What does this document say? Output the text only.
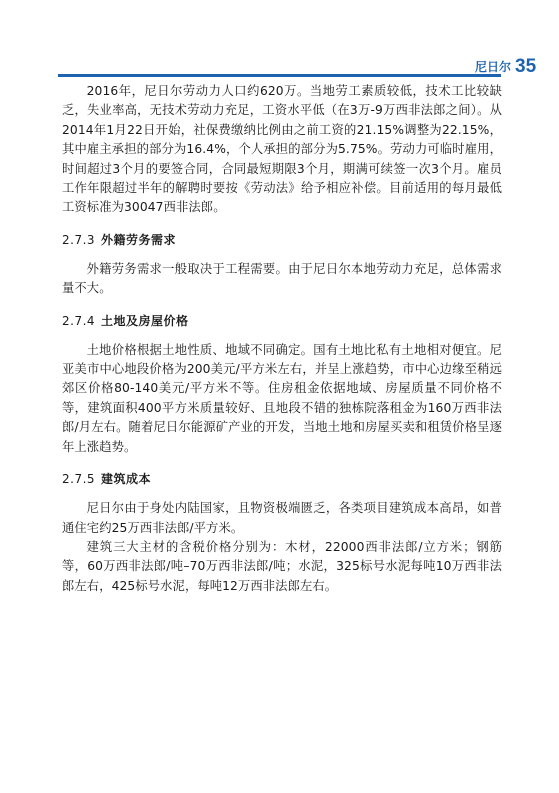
尼日尔 35

2016年，尼日尔劳动力人口约620万。当地劳工素质较低，技术工比较缺乏，失业率高，无技术劳动力充足，工资水平低（在3万-9万西非法郎之间）。从2014年1月22日开始，社保费缴纳比例由之前工资的21.15%调整为22.15%，其中雇主承担的部分为16.4%，个人承担的部分为5.75%。劳动力可临时雇用，时间超过3个月的要签合同，合同最短期限3个月，期满可续签一次3个月。雇员工作年限超过半年的解聘时要按《劳动法》给予相应补偿。目前适用的每月最低工资标准为30047西非法郎。

2.7.3 外籍劳务需求

外籍劳务需求一般取决于工程需要。由于尼日尔本地劳动力充足，总体需求量不大。

2.7.4 土地及房屋价格

土地价格根据土地性质、地域不同确定。国有土地比私有土地相对便宜。尼亚美市中心地段价格为200美元/平方米左右，并呈上涨趋势，市中心边缘至稍远郊区价格80-140美元/平方米不等。住房租金依据地域、房屋质量不同价格不等，建筑面积400平方米质量较好、且地段不错的独栋院落租金为160万西非法郎/月左右。随着尼日尔能源矿产业的开发，当地土地和房屋买卖和租赁价格呈逐年上涨趋势。

2.7.5 建筑成本

尼日尔由于身处内陆国家，且物资极端匮乏，各类项目建筑成本高昂，如普通住宅约25万西非法郎/平方米。

建筑三大主材的含税价格分别为：木材，22000西非法郎/立方米；钢筋等，60万西非法郎/吨–70万西非法郎/吨；水泥，325标号水泥每吨10万西非法郎左右，425标号水泥，每吨12万西非法郎左右。
